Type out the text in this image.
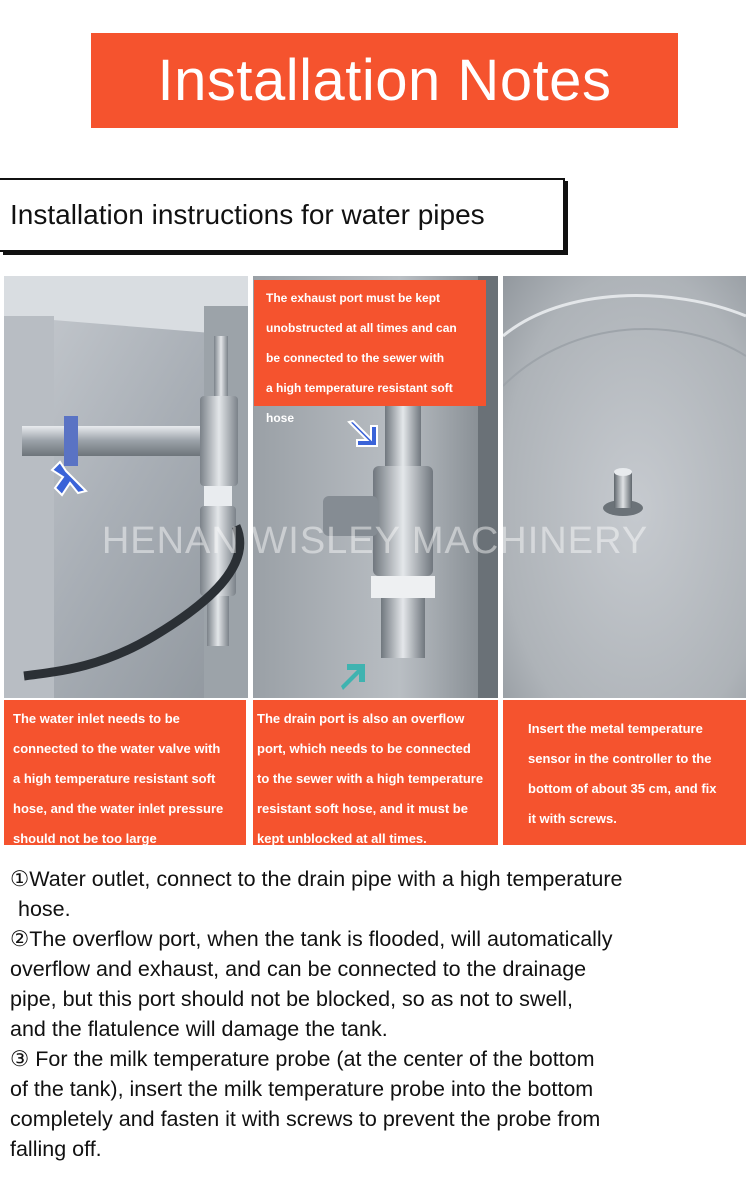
Installation Notes
Installation instructions for water pipes
HENAN WISLEY MACHINERY
The exhaust port must be kept
unobstructed at all times and can
be connected to the sewer with
a high temperature resistant soft hose
The water inlet needs to be
connected to the water valve with
a high temperature resistant soft
hose, and the water inlet pressure
should not be too large
The drain port is also an overflow
port, which needs to be connected
to the sewer with a high temperature
resistant soft hose, and it must be
kept unblocked at all times.
Insert the metal temperature
sensor in the controller to the
bottom of about 35 cm, and fix
it with screws.

①Water outlet, connect to the drain pipe with a high temperature

hose.

②The overflow port, when the tank is flooded, will automatically

overflow and exhaust, and can be connected to the drainage

pipe, but this port should not be blocked, so as not to swell,

and the flatulence will damage the tank.

③ For the milk temperature probe (at the center of the bottom

of the tank), insert the milk temperature probe into the bottom

completely and fasten it with screws to prevent the probe from

falling off.
